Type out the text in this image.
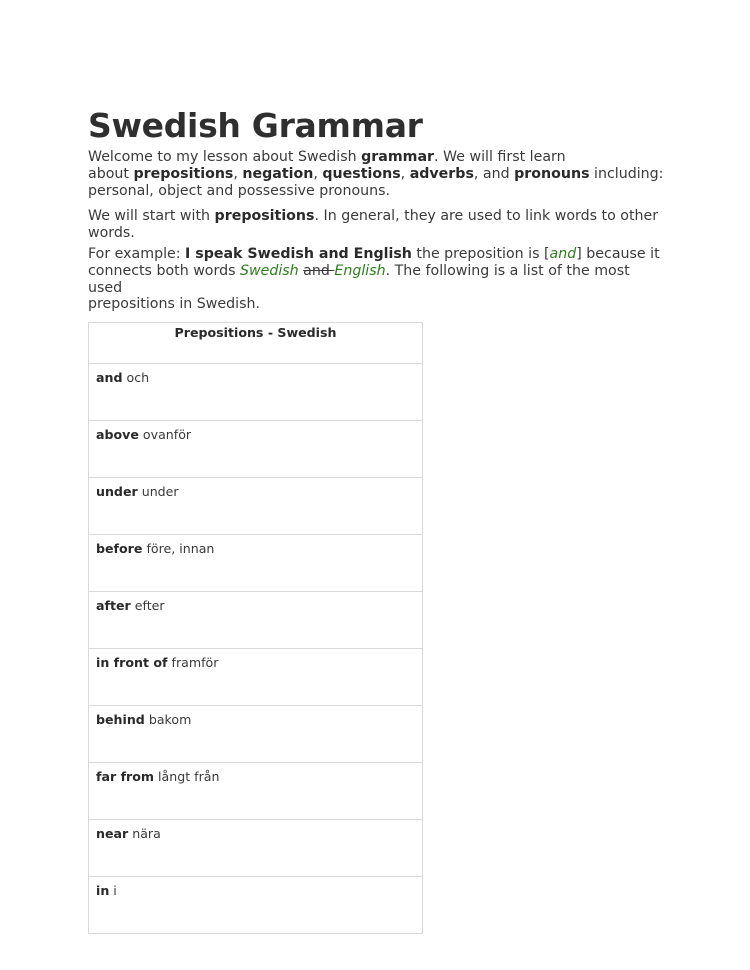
Swedish Grammar

Welcome to my lesson about Swedish grammar. We will first learn
about prepositions, negation, questions, adverbs, and pronouns including:
personal, object and possessive pronouns.

We will start with prepositions. In general, they are used to link words to other words.

For example: I speak Swedish and English the preposition is [and] because it
connects both words Swedish and English. The following is a list of the most used
prepositions in Swedish.

Prepositions - Swedish
and och
above ovanför
under under
before före, innan
after efter
in front of framför
behind bakom
far from långt från
near nära
in i
